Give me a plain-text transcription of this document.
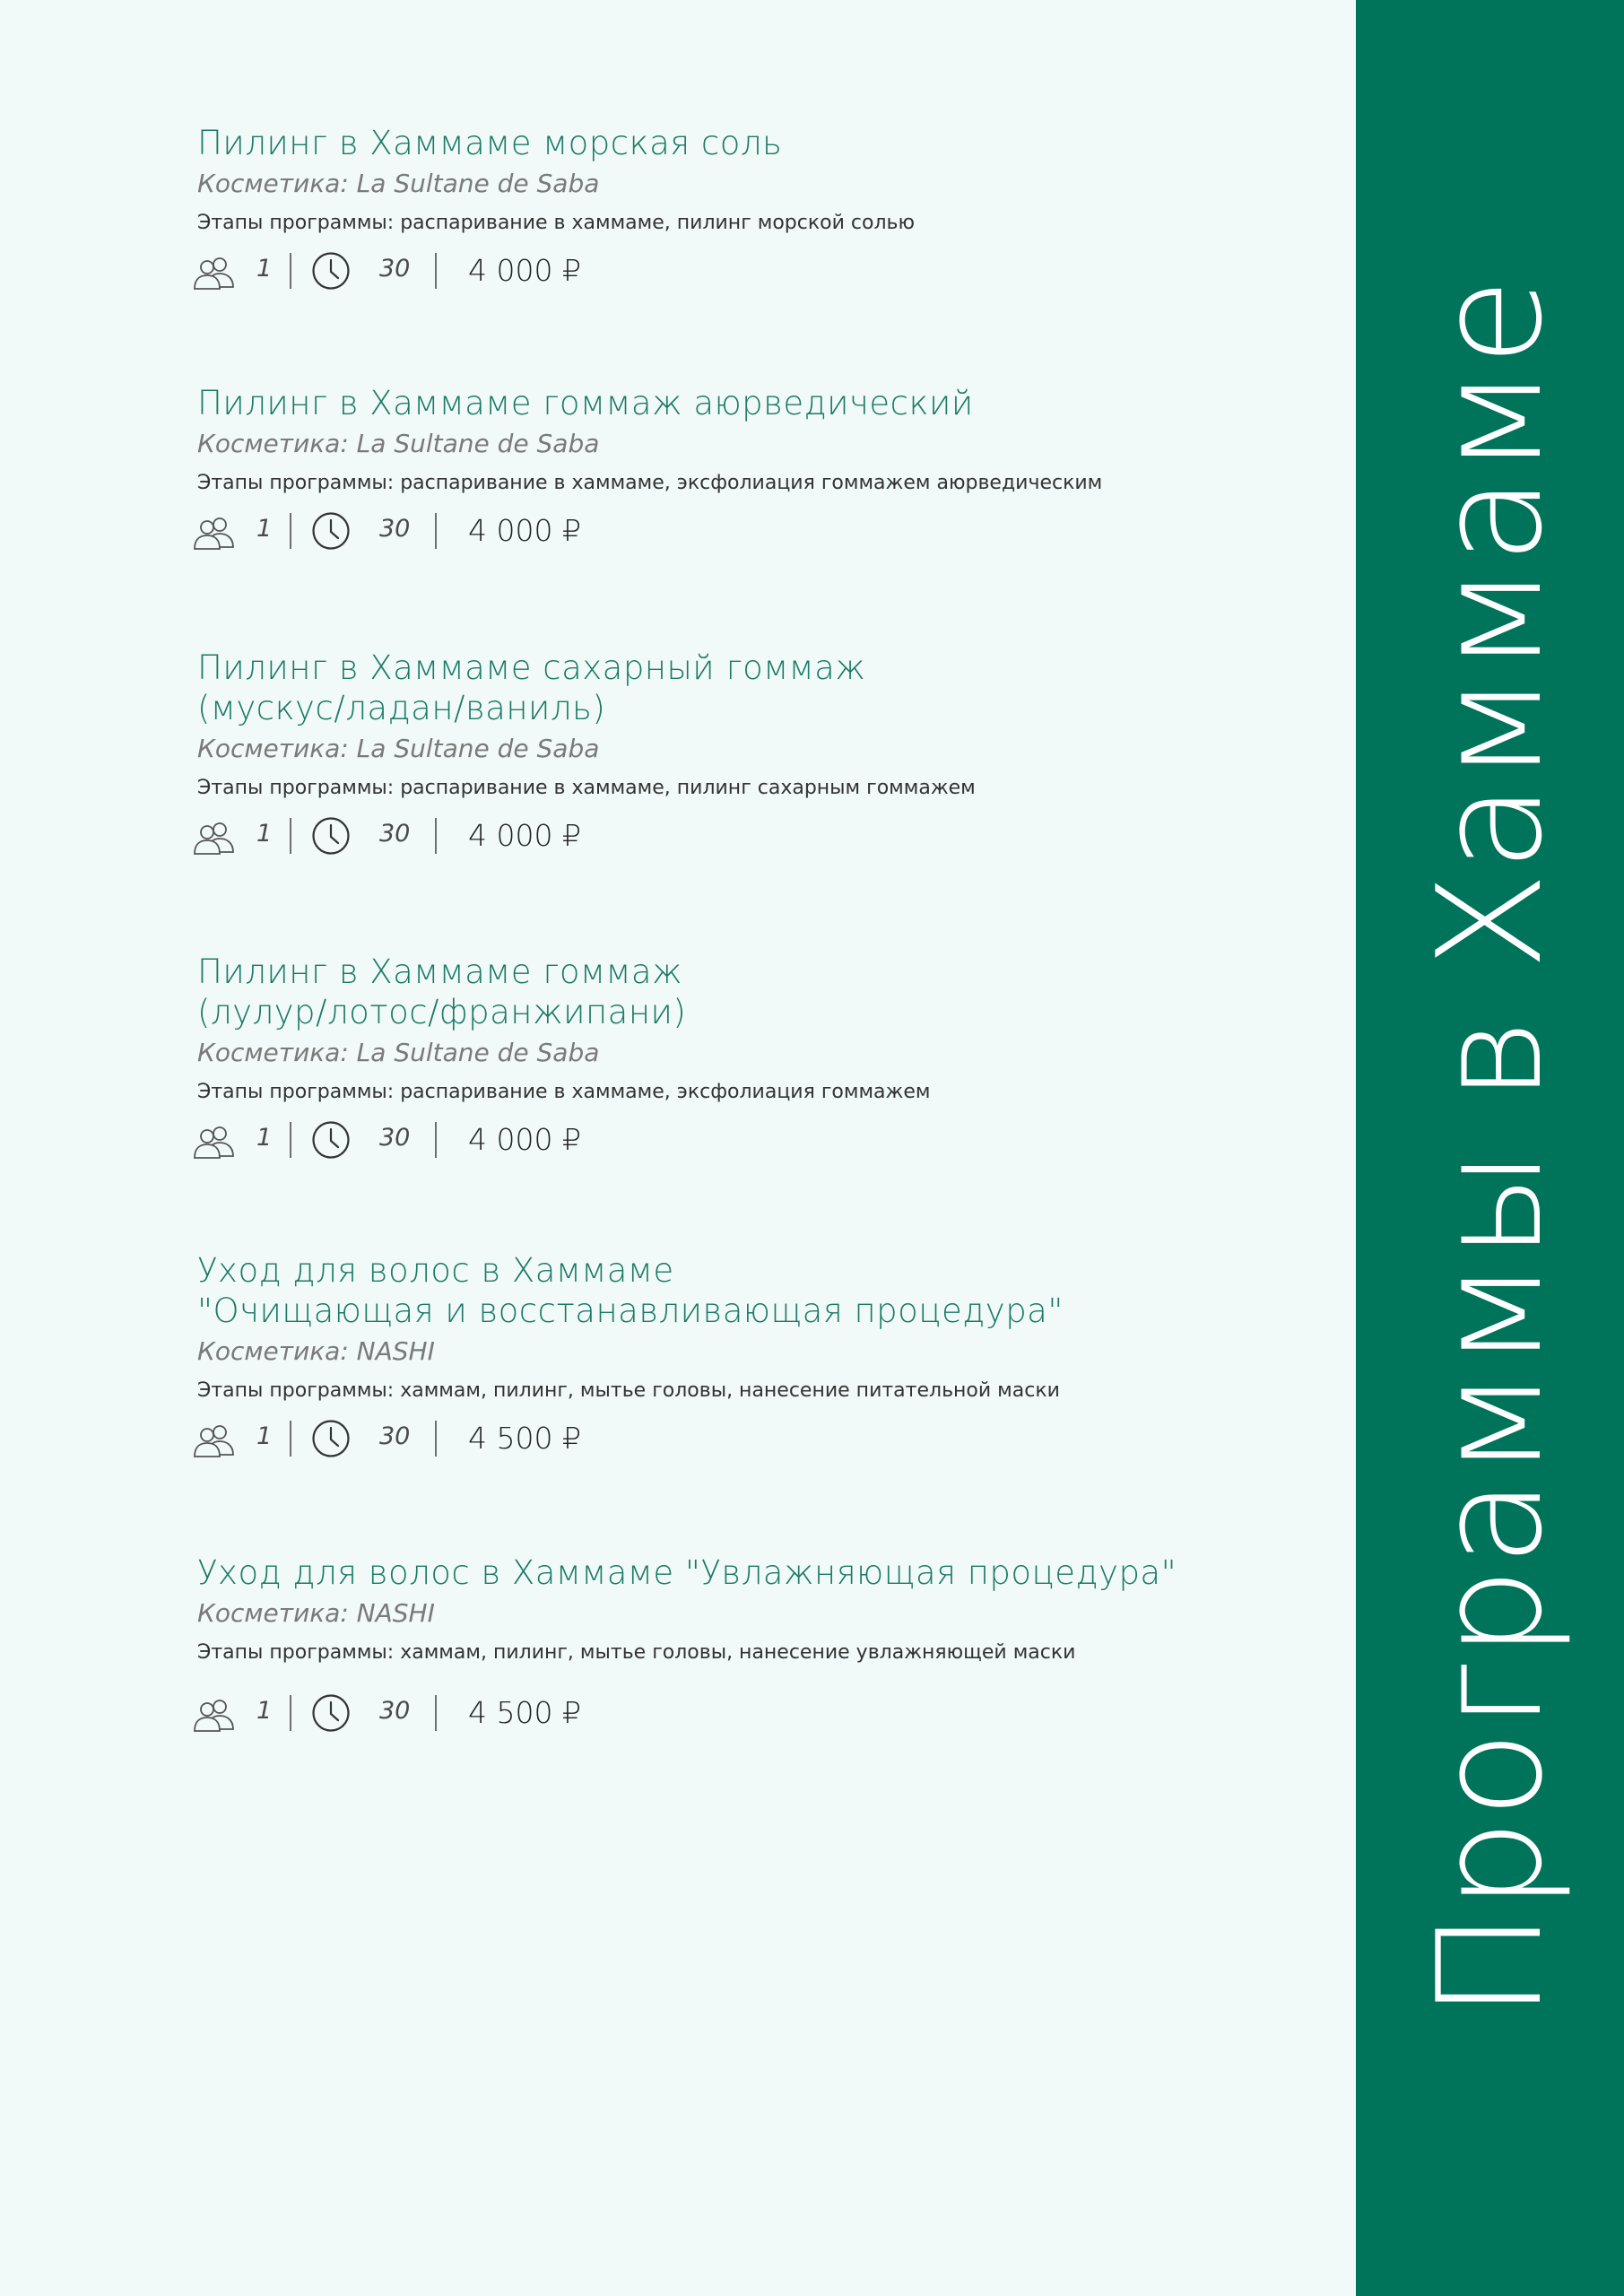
Пилинг в Хаммаме морская соль
Косметика: La Sultane de Saba
Этапы программы: распаривание в хаммаме, пилинг морской солью
1	30 4 000 ₽
Пилинг в Хаммаме гоммаж аюрведический
Косметика: La Sultane de Saba
Этапы программы: распаривание в хаммаме, эксфолиация гоммажем аюрведическим
1	30 4 000 ₽
Пилинг в Хаммаме сахарный гоммаж
(мускус/ладан/ваниль)
Косметика: La Sultane de Saba
Этапы программы: распаривание в хаммаме, пилинг сахарным гоммажем
1	30 4 000 ₽
Пилинг в Хаммаме гоммаж
(лулур/лотос/франжипани)
Косметика: La Sultane de Saba
Этапы программы: распаривание в хаммаме, эксфолиация гоммажем
1	30 4 000 ₽
Уход для волос в Хаммаме
"Очищающая и восстанавливающая процедура"
Косметика: NASHI
Этапы программы: хаммам, пилинг, мытье головы, нанесение питательной маски
1	30 4 500 ₽
Уход для волос в Хаммаме "Увлажняющая процедура"
Косметика: NASHI
Этапы программы: хаммам, пилинг, мытье головы, нанесение увлажняющей маски
1	30 4 500 ₽	Программы в Хаммаме
